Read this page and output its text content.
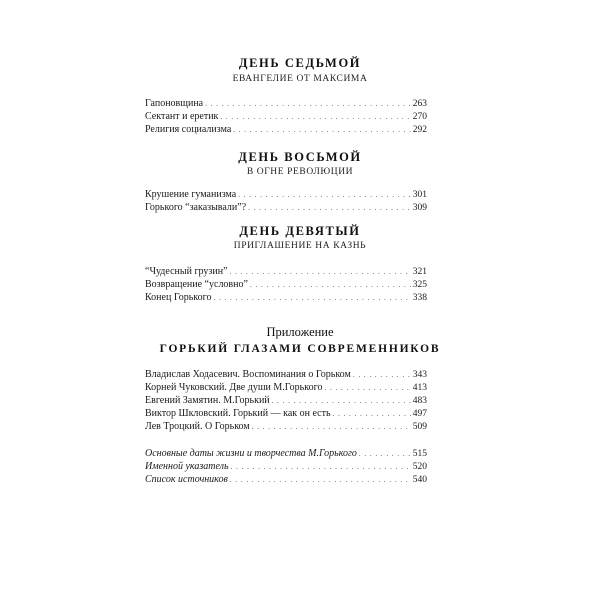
ДЕНЬ СЕДЬМОЙ
ЕВАНГЕЛИЕ ОТ МАКСИМА
Гапоновщина . . .	263
Сектант и еретик . . .	270
Религия социализма . . .	292
ДЕНЬ ВОСЬМОЙ
В ОГНЕ РЕВОЛЮЦИИ
Крушение гуманизма . . .	301
Горького “заказывали”? . . .	309
ДЕНЬ ДЕВЯТЫЙ
ПРИГЛАШЕНИЕ НА КАЗНЬ
“Чудесный грузин” . . .	321
Возвращение “условно” . . .	325
Конец Горького . . .	338
Приложение
ГОРЬКИЙ ГЛАЗАМИ СОВРЕМЕННИКОВ
Владислав Ходасевич. Воспоминания о Горьком . . .	343
Корней Чуковский. Две души М.Горького . . .	413
Евгений Замятин. М.Горький . . .	483
Виктор Шкловский. Горький — как он есть . . .	497
Лев Троцкий. О Горьком . . .	509
Основные даты жизни и творчества М.Горького . . .	515
Именной указатель . . .	520
Список источников . . .	540
